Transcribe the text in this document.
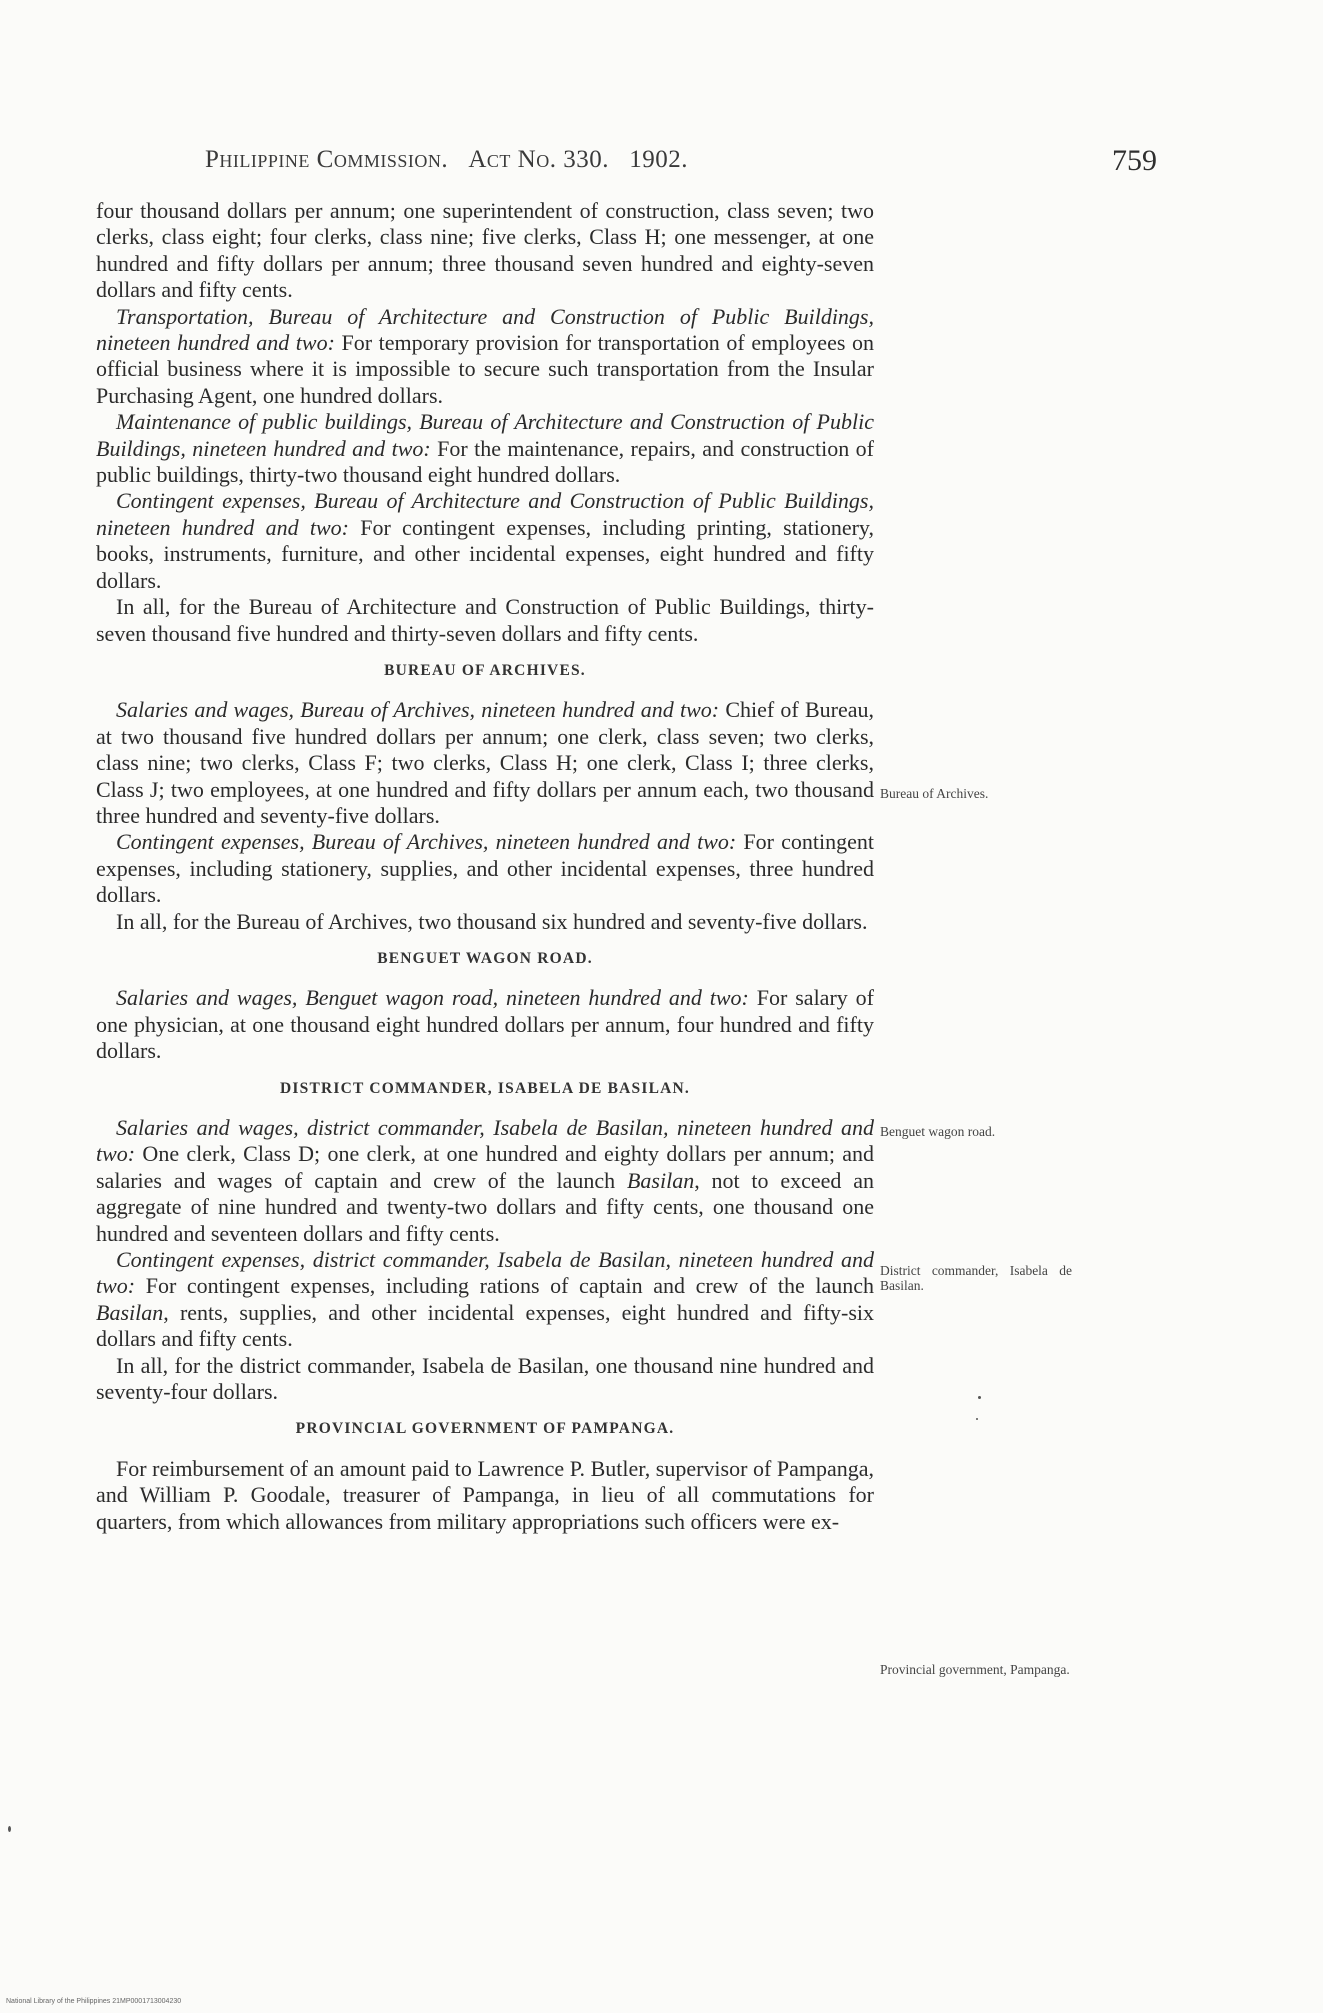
Philippine Commission. Act No. 330. 1902.	759

four thousand dollars per annum; one superintendent of construction, class seven; two clerks, class eight; four clerks, class nine; five clerks, Class H; one messenger, at one hundred and fifty dollars per annum; three thousand seven hundred and eighty-seven dollars and fifty cents.

Transportation, Bureau of Architecture and Construction of Public Buildings, nineteen hundred and two: For temporary provision for transportation of employees on official business where it is impossible to secure such transportation from the Insular Purchasing Agent, one hundred dollars.

Maintenance of public buildings, Bureau of Architecture and Construction of Public Buildings, nineteen hundred and two: For the maintenance, repairs, and construction of public buildings, thirty-two thousand eight hundred dollars.

Contingent expenses, Bureau of Architecture and Construction of Public Buildings, nineteen hundred and two: For contingent expenses, including printing, stationery, books, instruments, furniture, and other incidental expenses, eight hundred and fifty dollars.

In all, for the Bureau of Architecture and Construction of Public Buildings, thirty-seven thousand five hundred and thirty-seven dollars and fifty cents.

BUREAU OF ARCHIVES.

Salaries and wages, Bureau of Archives, nineteen hundred and two: Chief of Bureau, at two thousand five hundred dollars per annum; one clerk, class seven; two clerks, class nine; two clerks, Class F; two clerks, Class H; one clerk, Class I; three clerks, Class J; two employees, at one hundred and fifty dollars per annum each, two thousand three hundred and seventy-five dollars.

Contingent expenses, Bureau of Archives, nineteen hundred and two: For contingent expenses, including stationery, supplies, and other incidental expenses, three hundred dollars.

In all, for the Bureau of Archives, two thousand six hundred and seventy-five dollars.

BENGUET WAGON ROAD.

Salaries and wages, Benguet wagon road, nineteen hundred and two: For salary of one physician, at one thousand eight hundred dollars per annum, four hundred and fifty dollars.

DISTRICT COMMANDER, ISABELA DE BASILAN.

Salaries and wages, district commander, Isabela de Basilan, nineteen hundred and two: One clerk, Class D; one clerk, at one hundred and eighty dollars per annum; and salaries and wages of captain and crew of the launch Basilan, not to exceed an aggregate of nine hundred and twenty-two dollars and fifty cents, one thousand one hundred and seventeen dollars and fifty cents.

Contingent expenses, district commander, Isabela de Basilan, nineteen hundred and two: For contingent expenses, including rations of captain and crew of the launch Basilan, rents, supplies, and other incidental expenses, eight hundred and fifty-six dollars and fifty cents.

In all, for the district commander, Isabela de Basilan, one thousand nine hundred and seventy-four dollars.

PROVINCIAL GOVERNMENT OF PAMPANGA.

For reimbursement of an amount paid to Lawrence P. Butler, supervisor of Pampanga, and William P. Goodale, treasurer of Pampanga, in lieu of all commutations for quarters, from which allowances from military appropriations such officers were ex-

Bureau of Archives.
Benguet wagon road.
District commander, Isabela de Basilan.
Provincial government, Pampanga.
National Library of the Philippines 21MP0001713004230
